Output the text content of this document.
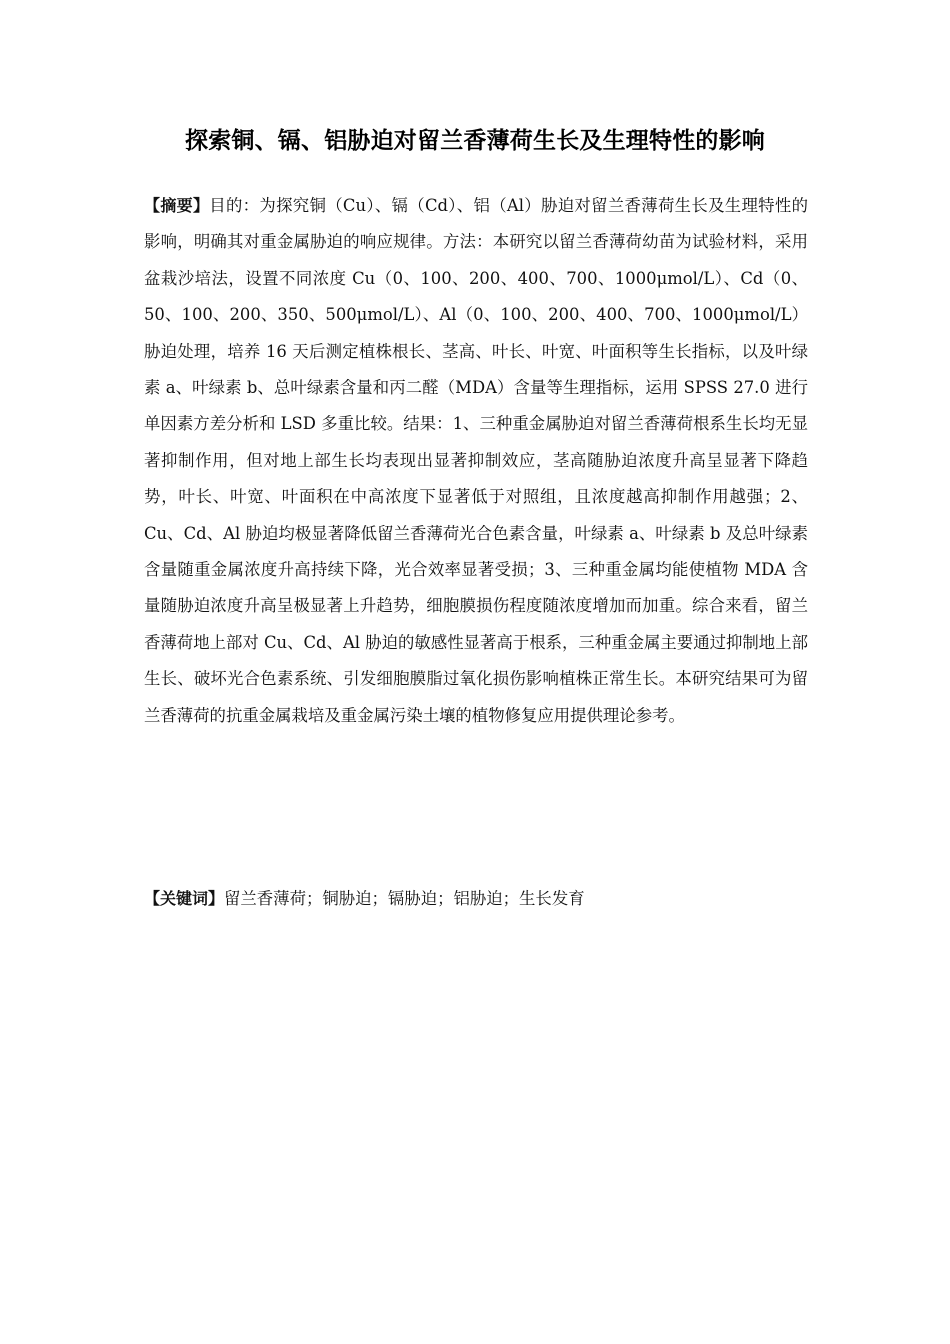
探索铜、镉、铝胁迫对留兰香薄荷生长及生理特性的影响

【摘要】目的：为探究铜（Cu）、镉（Cd）、铝（Al）胁迫对留兰香薄荷生长及生理特性的影响，明确其对重金属胁迫的响应规律。方法：本研究以留兰香薄荷幼苗为试验材料，采用盆栽沙培法，设置不同浓度 Cu（0、100、200、400、700、1000μmol/L）、Cd（0、50、100、200、350、500μmol/L）、Al（0、100、200、400、700、1000μmol/L）胁迫处理，培养 16 天后测定植株根长、茎高、叶长、叶宽、叶面积等生长指标，以及叶绿素 a、叶绿素 b、总叶绿素含量和丙二醛（MDA）含量等生理指标，运用 SPSS 27.0 进行单因素方差分析和 LSD 多重比较。结果：1、三种重金属胁迫对留兰香薄荷根系生长均无显著抑制作用，但对地上部生长均表现出显著抑制效应，茎高随胁迫浓度升高呈显著下降趋势，叶长、叶宽、叶面积在中高浓度下显著低于对照组，且浓度越高抑制作用越强；2、Cu、Cd、Al 胁迫均极显著降低留兰香薄荷光合色素含量，叶绿素 a、叶绿素 b 及总叶绿素含量随重金属浓度升高持续下降，光合效率显著受损；3、三种重金属均能使植物 MDA 含量随胁迫浓度升高呈极显著上升趋势，细胞膜损伤程度随浓度增加而加重。综合来看，留兰香薄荷地上部对 Cu、Cd、Al 胁迫的敏感性显著高于根系，三种重金属主要通过抑制地上部生长、破坏光合色素系统、引发细胞膜脂过氧化损伤影响植株正常生长。本研究结果可为留兰香薄荷的抗重金属栽培及重金属污染土壤的植物修复应用提供理论参考。

【关键词】留兰香薄荷；铜胁迫；镉胁迫；铝胁迫；生长发育
